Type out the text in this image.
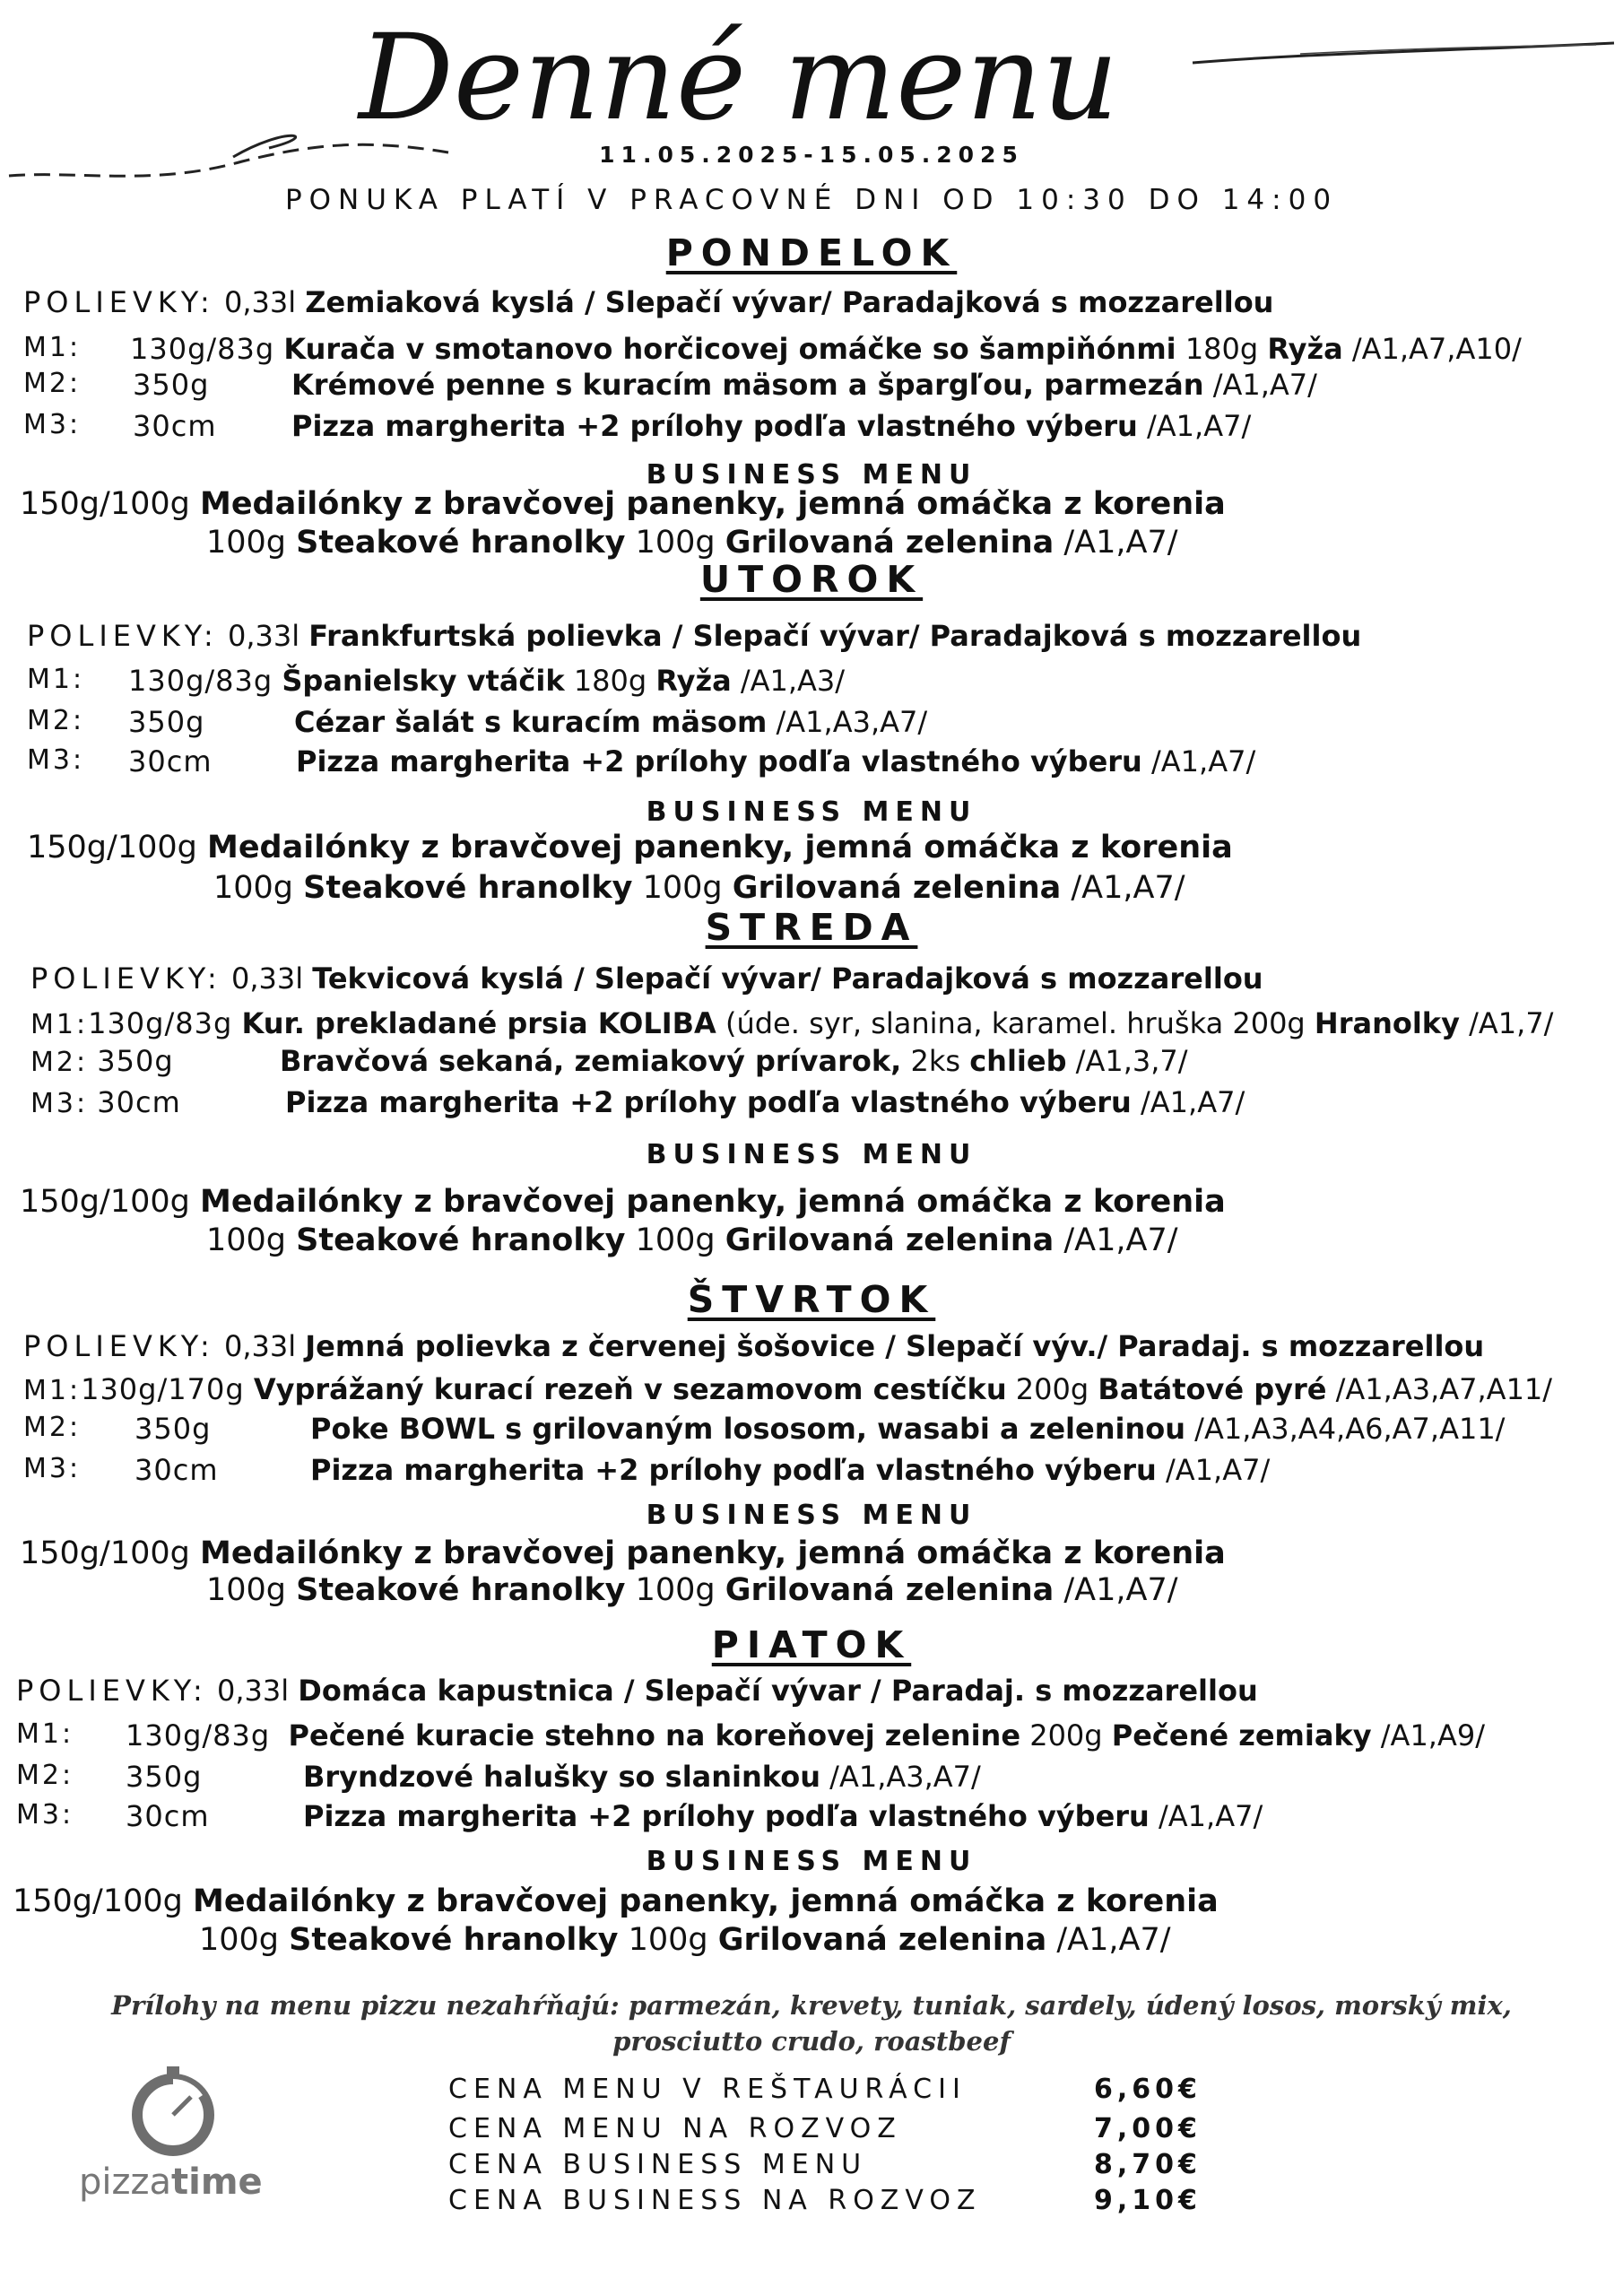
Denné menu
11.05.2025-15.05.2025
PONUKA PLATÍ V PRACOVNÉ DNI OD 10:30 DO 14:00
PONDELOK
POLIEVKY: 0,33l Zemiaková kyslá / Slepačí vývar/ Paradajková s mozzarellou
M1: 130g/83g Kurača v smotanovo horčicovej omáčke so šampiňónmi 180g Ryža /A1,A7,A10/
M2: 350g	Krémové penne s kuracím mäsom a špargľou, parmezán /A1,A7/
M3: 30cm	Pizza margherita +2 prílohy podľa vlastného výberu /A1,A7/
BUSINESS MENU
150g/100g Medailónky z bravčovej panenky, jemná omáčka z korenia
100g Steakové hranolky 100g Grilovaná zelenina /A1,A7/
UTOROK
POLIEVKY: 0,33l Frankfurtská polievka / Slepačí vývar/ Paradajková s mozzarellou
M1: 130g/83g Španielsky vtáčik 180g Ryža /A1,A3/
M2: 350g	Cézar šalát s kuracím mäsom /A1,A3,A7/
M3: 30cm	Pizza margherita +2 prílohy podľa vlastného výberu /A1,A7/
BUSINESS MENU
150g/100g Medailónky z bravčovej panenky, jemná omáčka z korenia
100g Steakové hranolky 100g Grilovaná zelenina /A1,A7/
STREDA
POLIEVKY: 0,33l Tekvicová kyslá / Slepačí vývar/ Paradajková s mozzarellou
M1:130g/83g Kur. prekladané prsia KOLIBA (úde. syr, slanina, karamel. hruška 200g Hranolky /A1,7/
M2: 350g	Bravčová sekaná, zemiakový prívarok, 2ks chlieb /A1,3,7/
M3: 30cm	Pizza margherita +2 prílohy podľa vlastného výberu /A1,A7/
BUSINESS MENU
150g/100g Medailónky z bravčovej panenky, jemná omáčka z korenia
100g Steakové hranolky 100g Grilovaná zelenina /A1,A7/
ŠTVRTOK
POLIEVKY: 0,33l Jemná polievka z červenej šošovice / Slepačí výv./ Paradaj. s mozzarellou
M1:130g/170g Vyprážaný kurací rezeň v sezamovom cestíčku 200g Batátové pyré /A1,A3,A7,A11/
M2: 350g	Poke BOWL s grilovaným lososom, wasabi a zeleninou /A1,A3,A4,A6,A7,A11/
M3: 30cm	Pizza margherita +2 prílohy podľa vlastného výberu /A1,A7/
BUSINESS MENU
150g/100g Medailónky z bravčovej panenky, jemná omáčka z korenia
100g Steakové hranolky 100g Grilovaná zelenina /A1,A7/
PIATOK
POLIEVKY: 0,33l Domáca kapustnica / Slepačí vývar / Paradaj. s mozzarellou
M1: 130g/83g Pečené kuracie stehno na koreňovej zelenine 200g Pečené zemiaky /A1,A9/
M2: 350g	Bryndzové halušky so slaninkou /A1,A3,A7/
M3: 30cm	Pizza margherita +2 prílohy podľa vlastného výberu /A1,A7/
BUSINESS MENU
150g/100g Medailónky z bravčovej panenky, jemná omáčka z korenia
100g Steakové hranolky 100g Grilovaná zelenina /A1,A7/
Prílohy na menu pizzu nezahŕňajú: parmezán, krevety, tuniak, sardely, údený losos, morský mix,
prosciutto crudo, roastbeef
CENA MENU V REŠTAURÁCII	6,60€
CENA MENU NA ROZVOZ	7,00€
CENA BUSINESS MENU	8,70€
CENA BUSINESS NA ROZVOZ	9,10€
pizzatime
